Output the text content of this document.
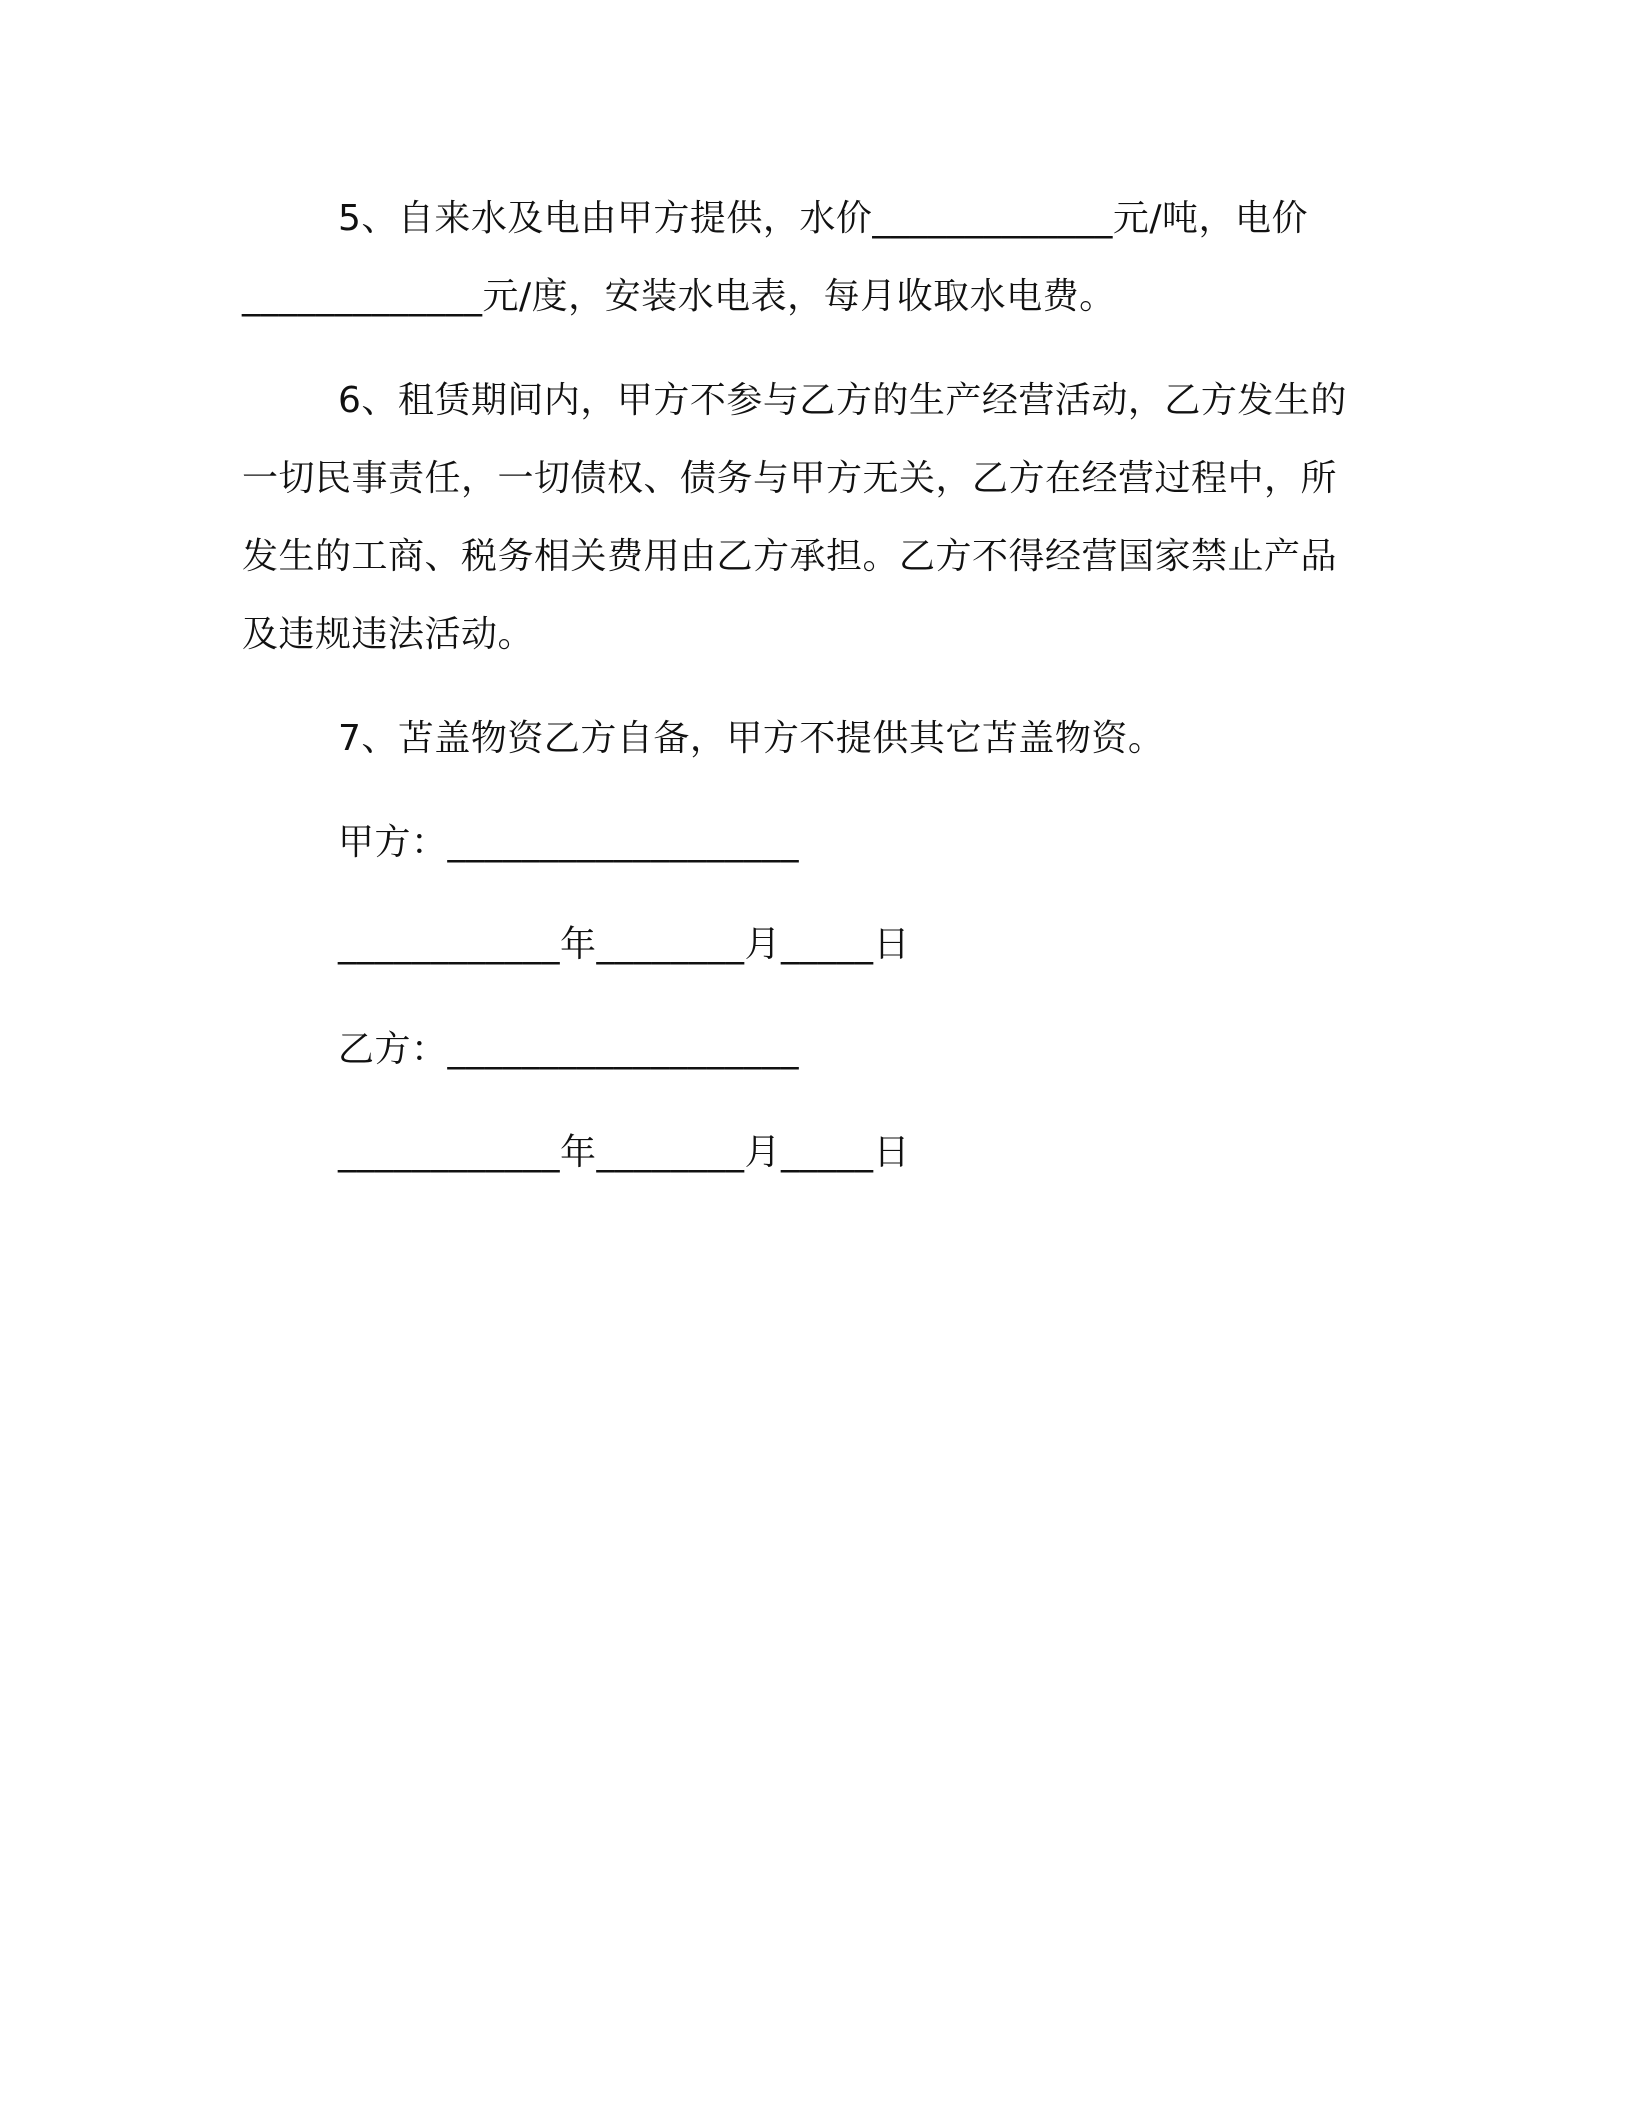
5、自来水及电由甲方提供，水价_____________元/吨，电价_____________元/度，安装水电表，每月收取水电费。

6、租赁期间内，甲方不参与乙方的生产经营活动，乙方发生的一切民事责任，一切债权、债务与甲方无关，乙方在经营过程中，所发生的工商、税务相关费用由乙方承担。乙方不得经营国家禁止产品及违规违法活动。

7、苫盖物资乙方自备，甲方不提供其它苫盖物资。

甲方：___________________
____________年________月_____日
乙方：___________________
____________年________月_____日
